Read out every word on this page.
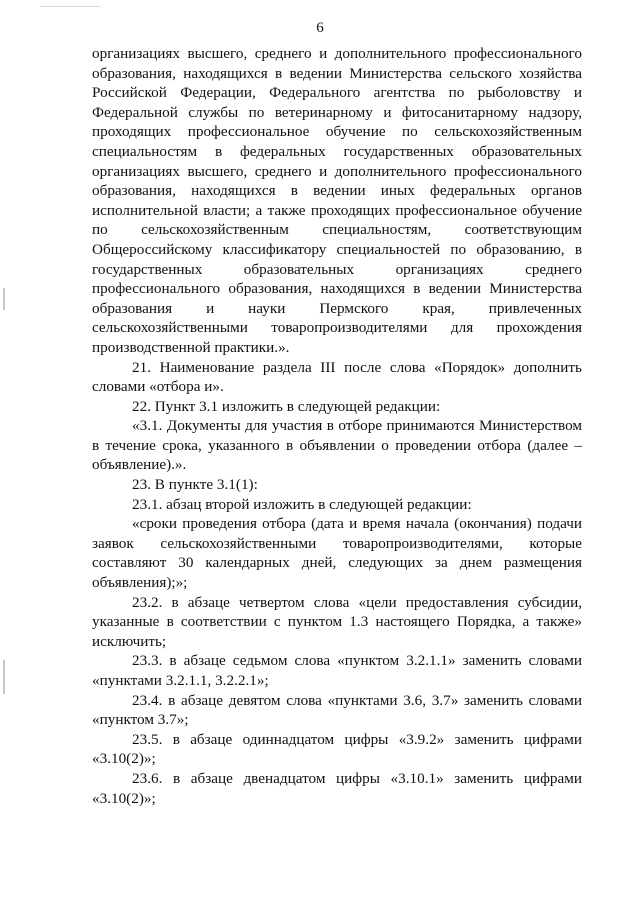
6

организациях высшего, среднего и дополнительного профессионального образования, находящихся в ведении Министерства сельского хозяйства Российской Федерации, Федерального агентства по рыболовству и Федеральной службы по ветеринарному и фитосанитарному надзору, проходящих профессиональное обучение по сельскохозяйственным специальностям в федеральных государственных образовательных организациях высшего, среднего и дополнительного профессионального образования, находящихся в ведении иных федеральных органов исполнительной власти; а также проходящих профессиональное обучение по сельскохозяйственным специальностям, соответствующим Общероссийскому классификатору специальностей по образованию, в государственных образовательных организациях среднего профессионального образования, находящихся в ведении Министерства образования и науки Пермского края, привлеченных сельскохозяйственными товаропроизводителями для прохождения производственной практики.».

21. Наименование раздела III после слова «Порядок» дополнить словами «отбора и».

22. Пункт 3.1 изложить в следующей редакции:

«3.1. Документы для участия в отборе принимаются Министерством в течение срока, указанного в объявлении о проведении отбора (далее – объявление).».

23. В пункте 3.1(1):

23.1. абзац второй изложить в следующей редакции:

«сроки проведения отбора (дата и время начала (окончания) подачи заявок сельскохозяйственными товаропроизводителями, которые составляют 30 календарных дней, следующих за днем размещения объявления);»;

23.2. в абзаце четвертом слова «цели предоставления субсидии, указанные в соответствии с пунктом 1.3 настоящего Порядка, а также» исключить;

23.3. в абзаце седьмом слова «пунктом 3.2.1.1» заменить словами «пунктами 3.2.1.1, 3.2.2.1»;

23.4. в абзаце девятом слова «пунктами 3.6, 3.7» заменить словами «пунктом 3.7»;

23.5. в абзаце одиннадцатом цифры «3.9.2» заменить цифрами «3.10(2)»;

23.6. в абзаце двенадцатом цифры «3.10.1» заменить цифрами «3.10(2)»;
